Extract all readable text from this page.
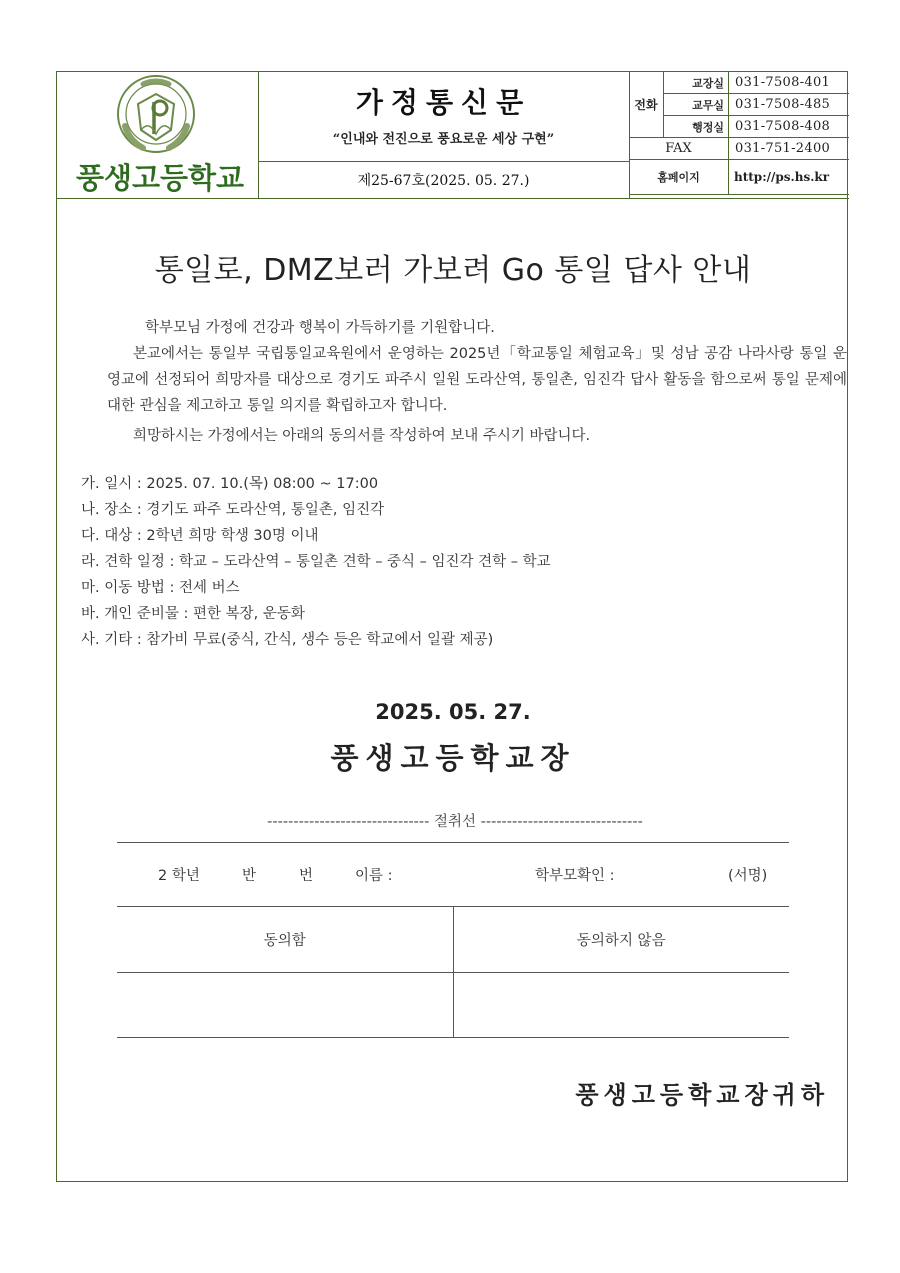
풍생고등학교
가정통신문
“인내와 전진으로 풍요로운 세상 구현”
제25-67호(2025. 05. 27.)
전화	교장실	031-7508-401
	교무실	031-7508-485
	행정실	031-7508-408
FAX		031-751-2400
홈페이지		http://ps.hs.kr
통일로, DMZ보러 가보려 Go 통일 답사 안내

학부모님 가정에 건강과 행복이 가득하기를 기원합니다.

본교에서는 통일부 국립통일교육원에서 운영하는 2025년「학교통일 체험교육」및 성남 공감 나라사랑 통일 운영교에 선정되어 희망자를 대상으로 경기도 파주시 일원 도라산역, 통일촌, 임진각 답사 활동을 함으로써 통일 문제에 대한 관심을 제고하고 통일 의지를 확립하고자 합니다.

희망하시는 가정에서는 아래의 동의서를 작성하여 보내 주시기 바랍니다.

가. 일시 : 2025. 07. 10.(목) 08:00 ~ 17:00
나. 장소 : 경기도 파주 도라산역, 통일촌, 임진각
다. 대상 : 2학년 희망 학생 30명 이내
라. 견학 일정 : 학교 – 도라산역 – 통일촌 견학 – 중식 – 임진각 견학 – 학교
마. 이동 방법 : 전세 버스
바. 개인 준비물 : 편한 복장, 운동화
사. 기타 : 참가비 무료(중식, 간식, 생수 등은 학교에서 일괄 제공)
2025. 05. 27.
풍생고등학교장
------------------------------- 절취선 -------------------------------
2 학년	반	번	이름 :	학부모확인 :	(서명)
동의함	동의하지 않음

풍생고등학교장귀하
